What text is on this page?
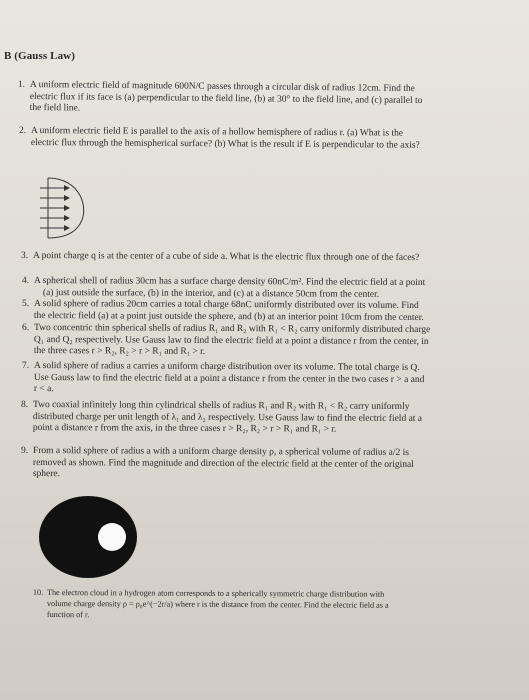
B (Gauss Law)
1. A uniform electric field of magnitude 600N/C passes through a circular disk of radius 12cm. Find the
electric flux if its face is (a) perpendicular to the field line, (b) at 30° to the field line, and (c) parallel to
the field line.
2. A uniform electric field E is parallel to the axis of a hollow hemisphere of radius r. (a) What is the
electric flux through the hemispherical surface? (b) What is the result if E is perpendicular to the axis?
3. A point charge q is at the center of a cube of side a. What is the electric flux through one of the faces?
4. A spherical shell of radius 30cm has a surface charge density 60nC/m². Find the electric field at a point
(a) just outside the surface, (b) in the interior, and (c) at a distance 50cm from the center.
5. A solid sphere of radius 20cm carries a total charge 68nC uniformly distributed over its volume. Find
the electric field (a) at a point just outside the sphere, and (b) at an interior point 10cm from the center.
6. Two concentric thin spherical shells of radius R₁ and R₂ with R₁ < R₂ carry uniformly distributed charge
Q₁ and Q₂ respectively. Use Gauss law to find the electric field at a point a distance r from the center, in
the three cases r > R₂, R₂ > r > R₁ and R₁ > r.
7. A solid sphere of radius a carries a uniform charge distribution over its volume. The total charge is Q.
Use Gauss law to find the electric field at a point a distance r from the center in the two cases r > a and
r < a.
8. Two coaxial infinitely long thin cylindrical shells of radius R₁ and R₂ with R₁ < R₂ carry uniformly
distributed charge per unit length of λ₁ and λ₂ respectively. Use Gauss law to find the electric field at a
point a distance r from the axis, in the three cases r > R₂, R₂ > r > R₁ and R₁ > r.
9. From a solid sphere of radius a with a uniform charge density ρ, a spherical volume of radius a/2 is
removed as shown. Find the magnitude and direction of the electric field at the center of the original
sphere.
10. The electron cloud in a hydrogen atom corresponds to a spherically symmetric charge distribution with
volume charge density ρ = ρ₀e^(−2r/a) where r is the distance from the center. Find the electric field as a
function of r.
